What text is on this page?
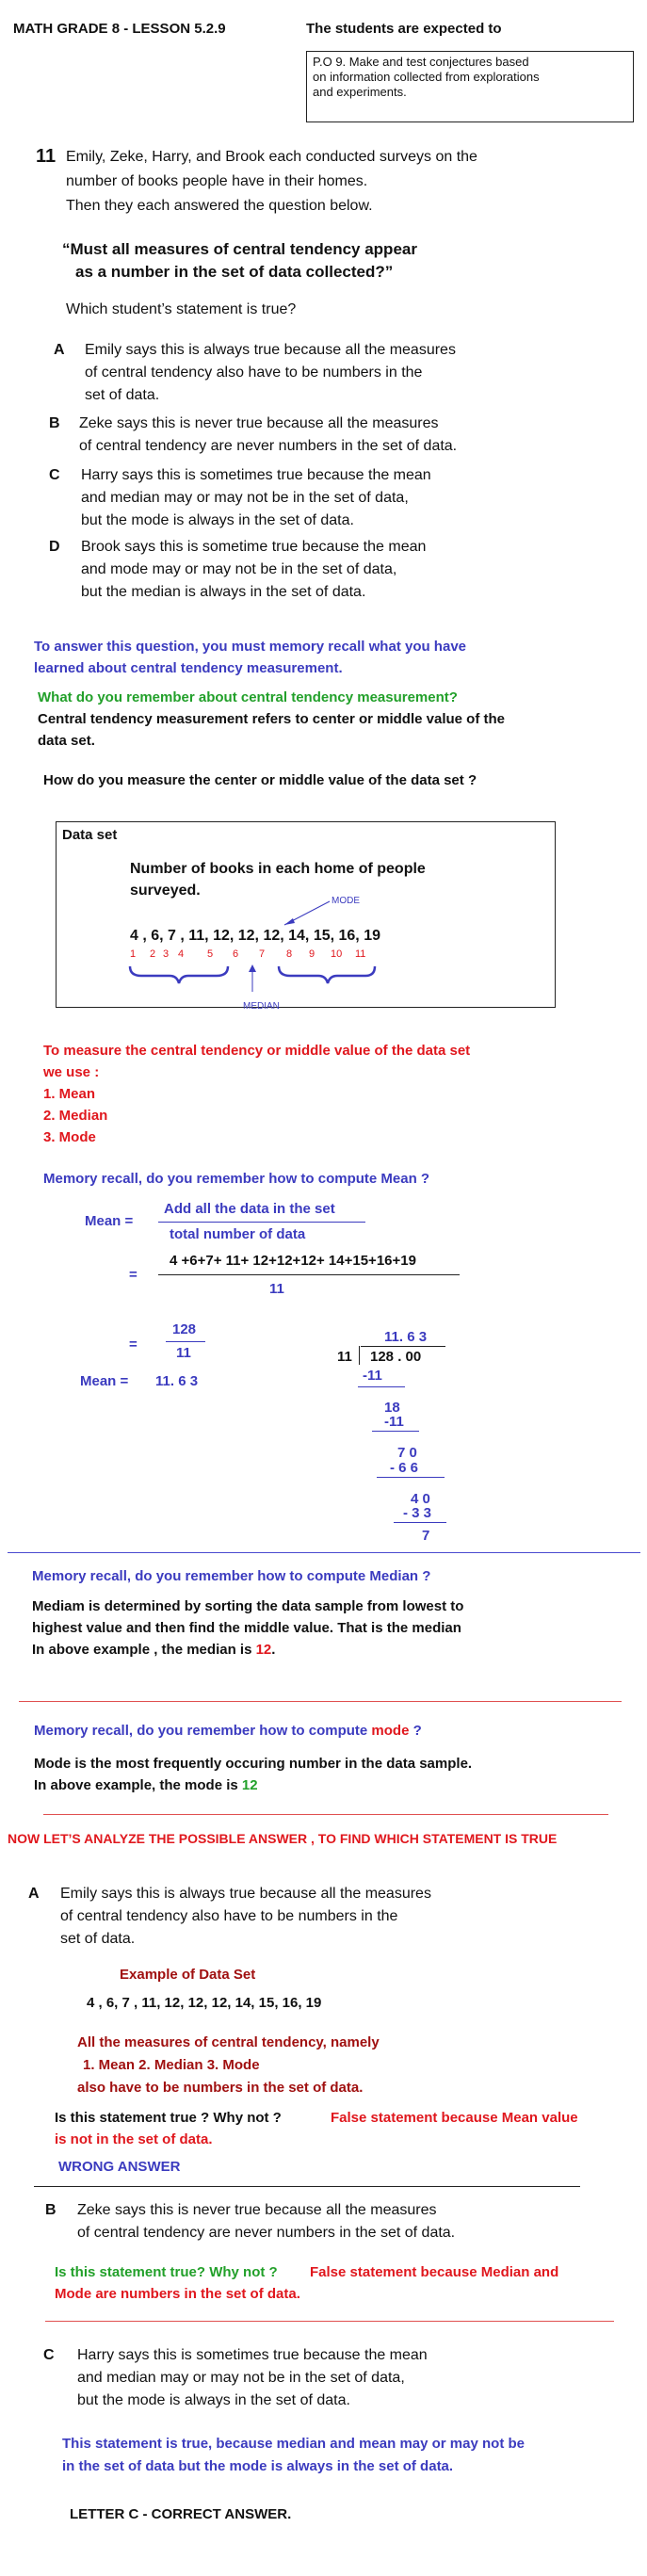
MATH GRADE 8 - LESSON 5.2.9	The students are expected to
P.O 9. Make and test conjectures based
on information collected from explorations
and experiments.
11 Emily, Zeke, Harry, and Brook each conducted surveys on the
number of books people have in their homes.
Then they each answered the question below.
“Must all measures of central tendency appear
as a number in the set of data collected?”
Which student’s statement is true?
A Emily says this is always true because all the measures
of central tendency also have to be numbers in the
set of data.
B Zeke says this is never true because all the measures
of central tendency are never numbers in the set of data.
C Harry says this is sometimes true because the mean
and median may or may not be in the set of data,
but the mode is always in the set of data.
D Brook says this is sometime true because the mean
and mode may or may not be in the set of data,
but the median is always in the set of data.
To answer this question, you must memory recall what you have
learned about central tendency measurement.
What do you remember about central tendency measurement?
Central tendency measurement refers to center or middle value of the
data set.
How do you measure the center or middle value of the data set ?
Data set
Number of books in each home of people
surveyed.
MODE
4 , 6, 7 , 11, 12, 12, 12, 14, 15, 16, 19
1 2 3 4 5 6 7 8 9 10 11
MEDIAN
To measure the central tendency or middle value of the data set
we use :
1. Mean
2. Median
3. Mode
Memory recall, do you remember how to compute Mean ?
Mean =
Add all the data in the set
total number of data
=
4 +6+7+ 11+ 12+12+12+ 14+15+16+19
11
=
128
11
Mean = 11. 6 3
11. 6 3
11 128 . 00
-11
18
-11
7 0
- 6 6
4 0
- 3 3
7
Memory recall, do you remember how to compute Median ?
Mediam is determined by sorting the data sample from lowest to
highest value and then find the middle value. That is the median
In above example , the median is 12.
Memory recall, do you remember how to compute mode ?
Mode is the most frequently occuring number in the data sample.
In above example, the mode is 12
NOW LET’S ANALYZE THE POSSIBLE ANSWER , TO FIND WHICH STATEMENT IS TRUE
A Emily says this is always true because all the measures
of central tendency also have to be numbers in the
set of data.
Example of Data Set
4 , 6, 7 , 11, 12, 12, 12, 14, 15, 16, 19
All the measures of central tendency, namely
1. Mean 2. Median 3. Mode
also have to be numbers in the set of data.
Is this statement true ? Why not ?	False statement because Mean value
is not in the set of data.
WRONG ANSWER
B Zeke says this is never true because all the measures
of central tendency are never numbers in the set of data.
Is this statement true? Why not ? False statement because Median and
Mode are numbers in the set of data.
C Harry says this is sometimes true because the mean
and median may or may not be in the set of data,
but the mode is always in the set of data.
This statement is true, because median and mean may or may not be
in the set of data but the mode is always in the set of data.
LETTER C - CORRECT ANSWER.
